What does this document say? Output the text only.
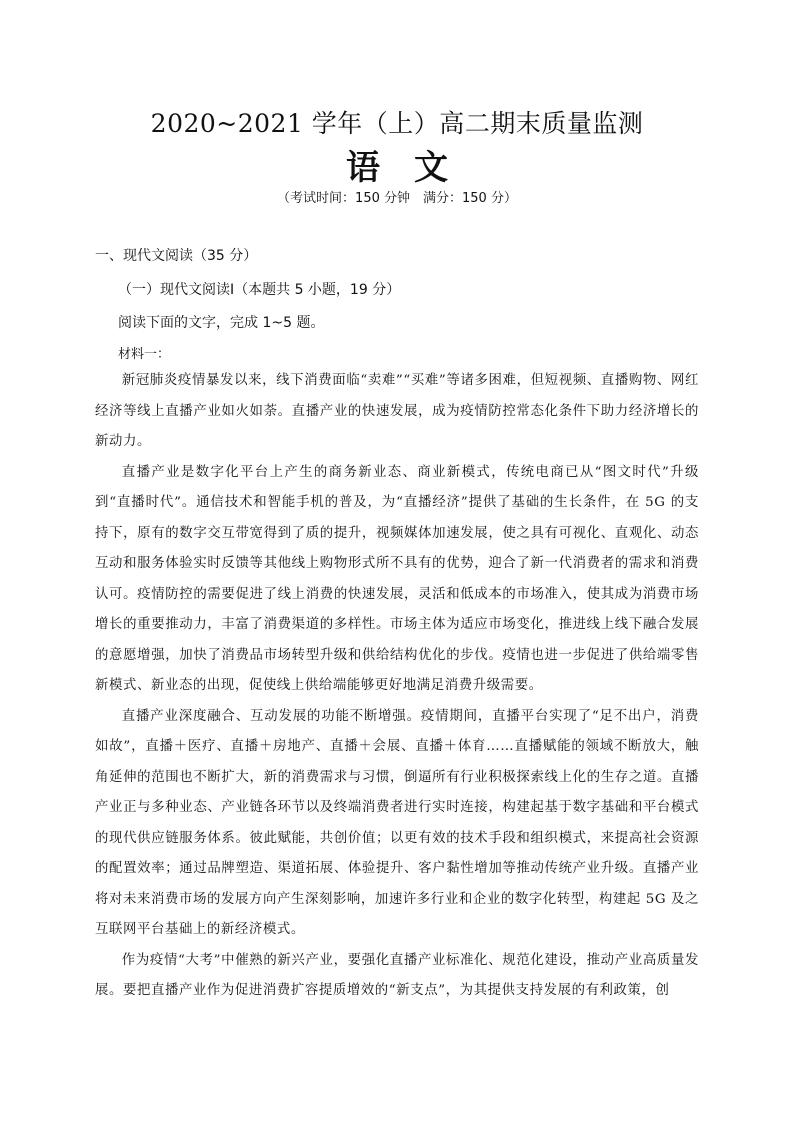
2020~2021 学年（上）高二期末质量监测
语文
（考试时间：150 分钟　满分：150 分）
一、现代文阅读（35 分）
（一）现代文阅读Ⅰ（本题共 5 小题，19 分）
阅读下面的文字，完成 1~5 题。
材料一：

新冠肺炎疫情暴发以来，线下消费面临“卖难”“买难”等诸多困难，但短视频、直播购物、网红经济等线上直播产业如火如荼。直播产业的快速发展，成为疫情防控常态化条件下助力经济增长的新动力。

直播产业是数字化平台上产生的商务新业态、商业新模式，传统电商已从“图文时代”升级到“直播时代”。通信技术和智能手机的普及，为“直播经济”提供了基础的生长条件，在 5G 的支持下，原有的数字交互带宽得到了质的提升，视频媒体加速发展，使之具有可视化、直观化、动态互动和服务体验实时反馈等其他线上购物形式所不具有的优势，迎合了新一代消费者的需求和消费认可。疫情防控的需要促进了线上消费的快速发展，灵活和低成本的市场准入，使其成为消费市场增长的重要推动力，丰富了消费渠道的多样性。市场主体为适应市场变化，推进线上线下融合发展的意愿增强，加快了消费品市场转型升级和供给结构优化的步伐。疫情也进一步促进了供给端零售新模式、新业态的出现，促使线上供给端能够更好地满足消费升级需要。

直播产业深度融合、互动发展的功能不断增强。疫情期间，直播平台实现了“足不出户，消费如故”，直播＋医疗、直播＋房地产、直播＋会展、直播＋体育……直播赋能的领域不断放大，触角延伸的范围也不断扩大，新的消费需求与习惯，倒逼所有行业积极探索线上化的生存之道。直播产业正与多种业态、产业链各环节以及终端消费者进行实时连接，构建起基于数字基础和平台模式的现代供应链服务体系。彼此赋能，共创价值；以更有效的技术手段和组织模式，来提高社会资源的配置效率；通过品牌塑造、渠道拓展、体验提升、客户黏性增加等推动传统产业升级。直播产业将对未来消费市场的发展方向产生深刻影响，加速许多行业和企业的数字化转型，构建起 5G 及之互联网平台基础上的新经济模式。

作为疫情“大考”中催熟的新兴产业，要强化直播产业标准化、规范化建设，推动产业高质量发展。要把直播产业作为促进消费扩容提质增效的“新支点”，为其提供支持发展的有利政策，创
